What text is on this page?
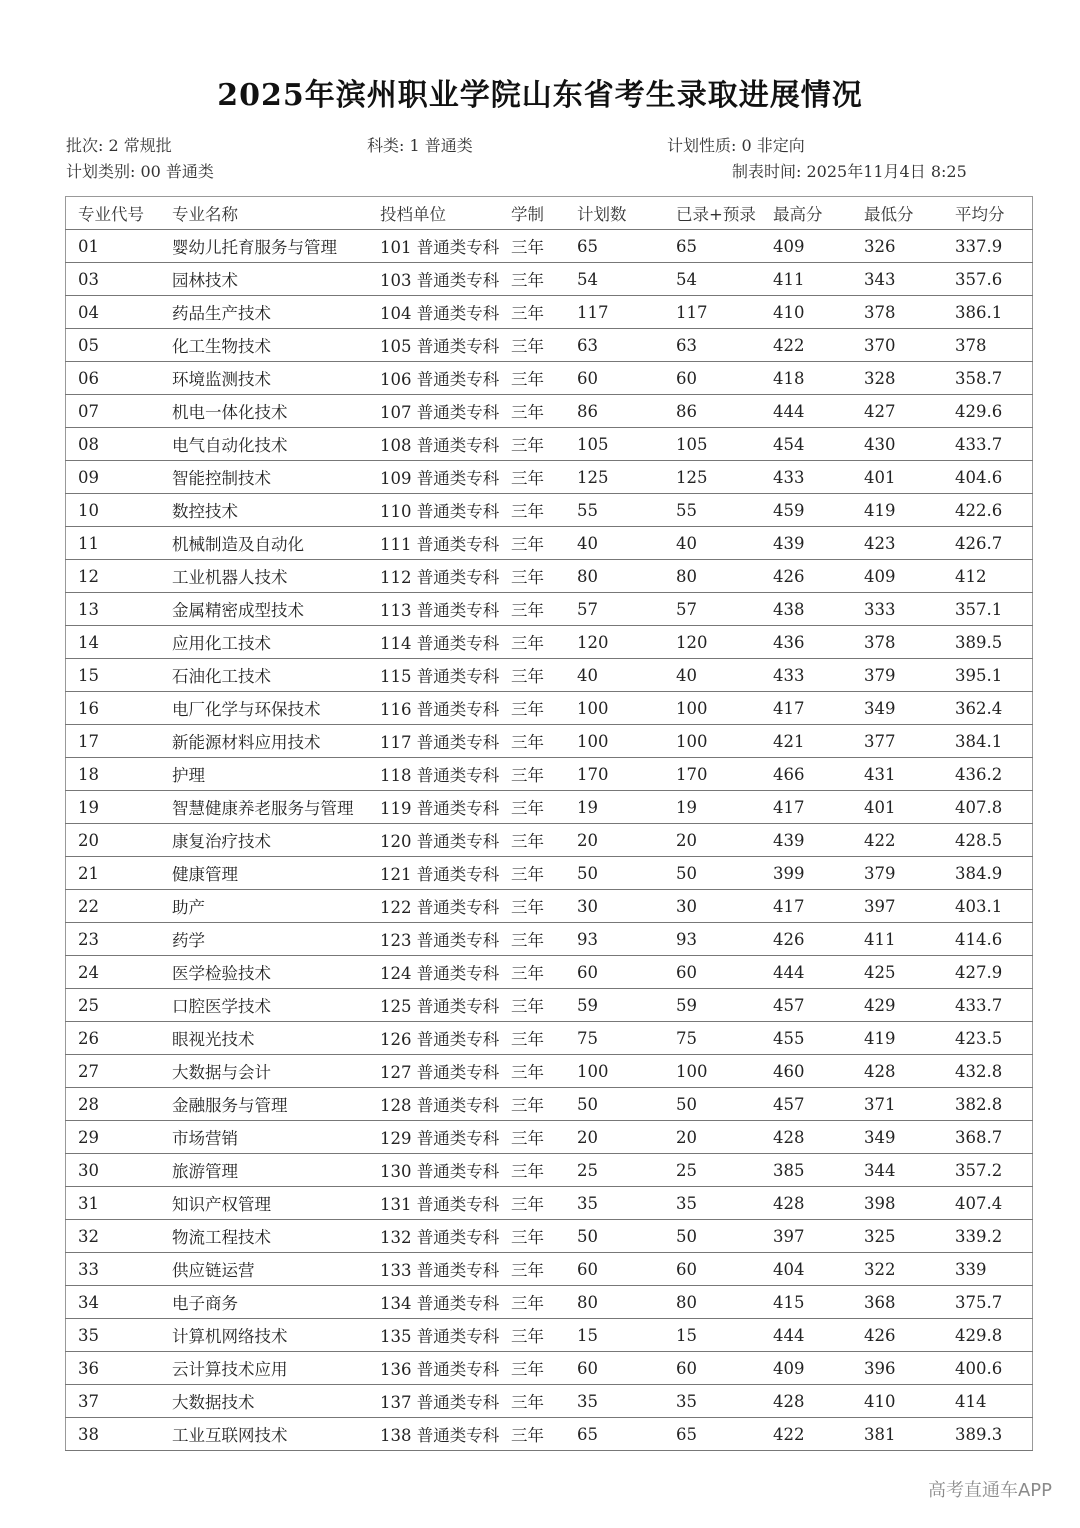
2025年滨州职业学院山东省考生录取进展情况
批次: 2 常规批	科类: 1 普通类	计划性质: 0 非定向
计划类别: 00 普通类	制表时间: 2025年11月4日 8:25
专业代号	专业名称	投档单位	学制	计划数	已录+预录	最高分	最低分	平均分
01	婴幼儿托育服务与管理	101 普通类专科	三年	65	65	409	326	337.9
03	园林技术	103 普通类专科	三年	54	54	411	343	357.6
04	药品生产技术	104 普通类专科	三年	117	117	410	378	386.1
05	化工生物技术	105 普通类专科	三年	63	63	422	370	378
06	环境监测技术	106 普通类专科	三年	60	60	418	328	358.7
07	机电一体化技术	107 普通类专科	三年	86	86	444	427	429.6
08	电气自动化技术	108 普通类专科	三年	105	105	454	430	433.7
09	智能控制技术	109 普通类专科	三年	125	125	433	401	404.6
10	数控技术	110 普通类专科	三年	55	55	459	419	422.6
11	机械制造及自动化	111 普通类专科	三年	40	40	439	423	426.7
12	工业机器人技术	112 普通类专科	三年	80	80	426	409	412
13	金属精密成型技术	113 普通类专科	三年	57	57	438	333	357.1
14	应用化工技术	114 普通类专科	三年	120	120	436	378	389.5
15	石油化工技术	115 普通类专科	三年	40	40	433	379	395.1
16	电厂化学与环保技术	116 普通类专科	三年	100	100	417	349	362.4
17	新能源材料应用技术	117 普通类专科	三年	100	100	421	377	384.1
18	护理	118 普通类专科	三年	170	170	466	431	436.2
19	智慧健康养老服务与管理	119 普通类专科	三年	19	19	417	401	407.8
20	康复治疗技术	120 普通类专科	三年	20	20	439	422	428.5
21	健康管理	121 普通类专科	三年	50	50	399	379	384.9
22	助产	122 普通类专科	三年	30	30	417	397	403.1
23	药学	123 普通类专科	三年	93	93	426	411	414.6
24	医学检验技术	124 普通类专科	三年	60	60	444	425	427.9
25	口腔医学技术	125 普通类专科	三年	59	59	457	429	433.7
26	眼视光技术	126 普通类专科	三年	75	75	455	419	423.5
27	大数据与会计	127 普通类专科	三年	100	100	460	428	432.8
28	金融服务与管理	128 普通类专科	三年	50	50	457	371	382.8
29	市场营销	129 普通类专科	三年	20	20	428	349	368.7
30	旅游管理	130 普通类专科	三年	25	25	385	344	357.2
31	知识产权管理	131 普通类专科	三年	35	35	428	398	407.4
32	物流工程技术	132 普通类专科	三年	50	50	397	325	339.2
33	供应链运营	133 普通类专科	三年	60	60	404	322	339
34	电子商务	134 普通类专科	三年	80	80	415	368	375.7
35	计算机网络技术	135 普通类专科	三年	15	15	444	426	429.8
36	云计算技术应用	136 普通类专科	三年	60	60	409	396	400.6
37	大数据技术	137 普通类专科	三年	35	35	428	410	414
38	工业互联网技术	138 普通类专科	三年	65	65	422	381	389.3
高考直通车APP
